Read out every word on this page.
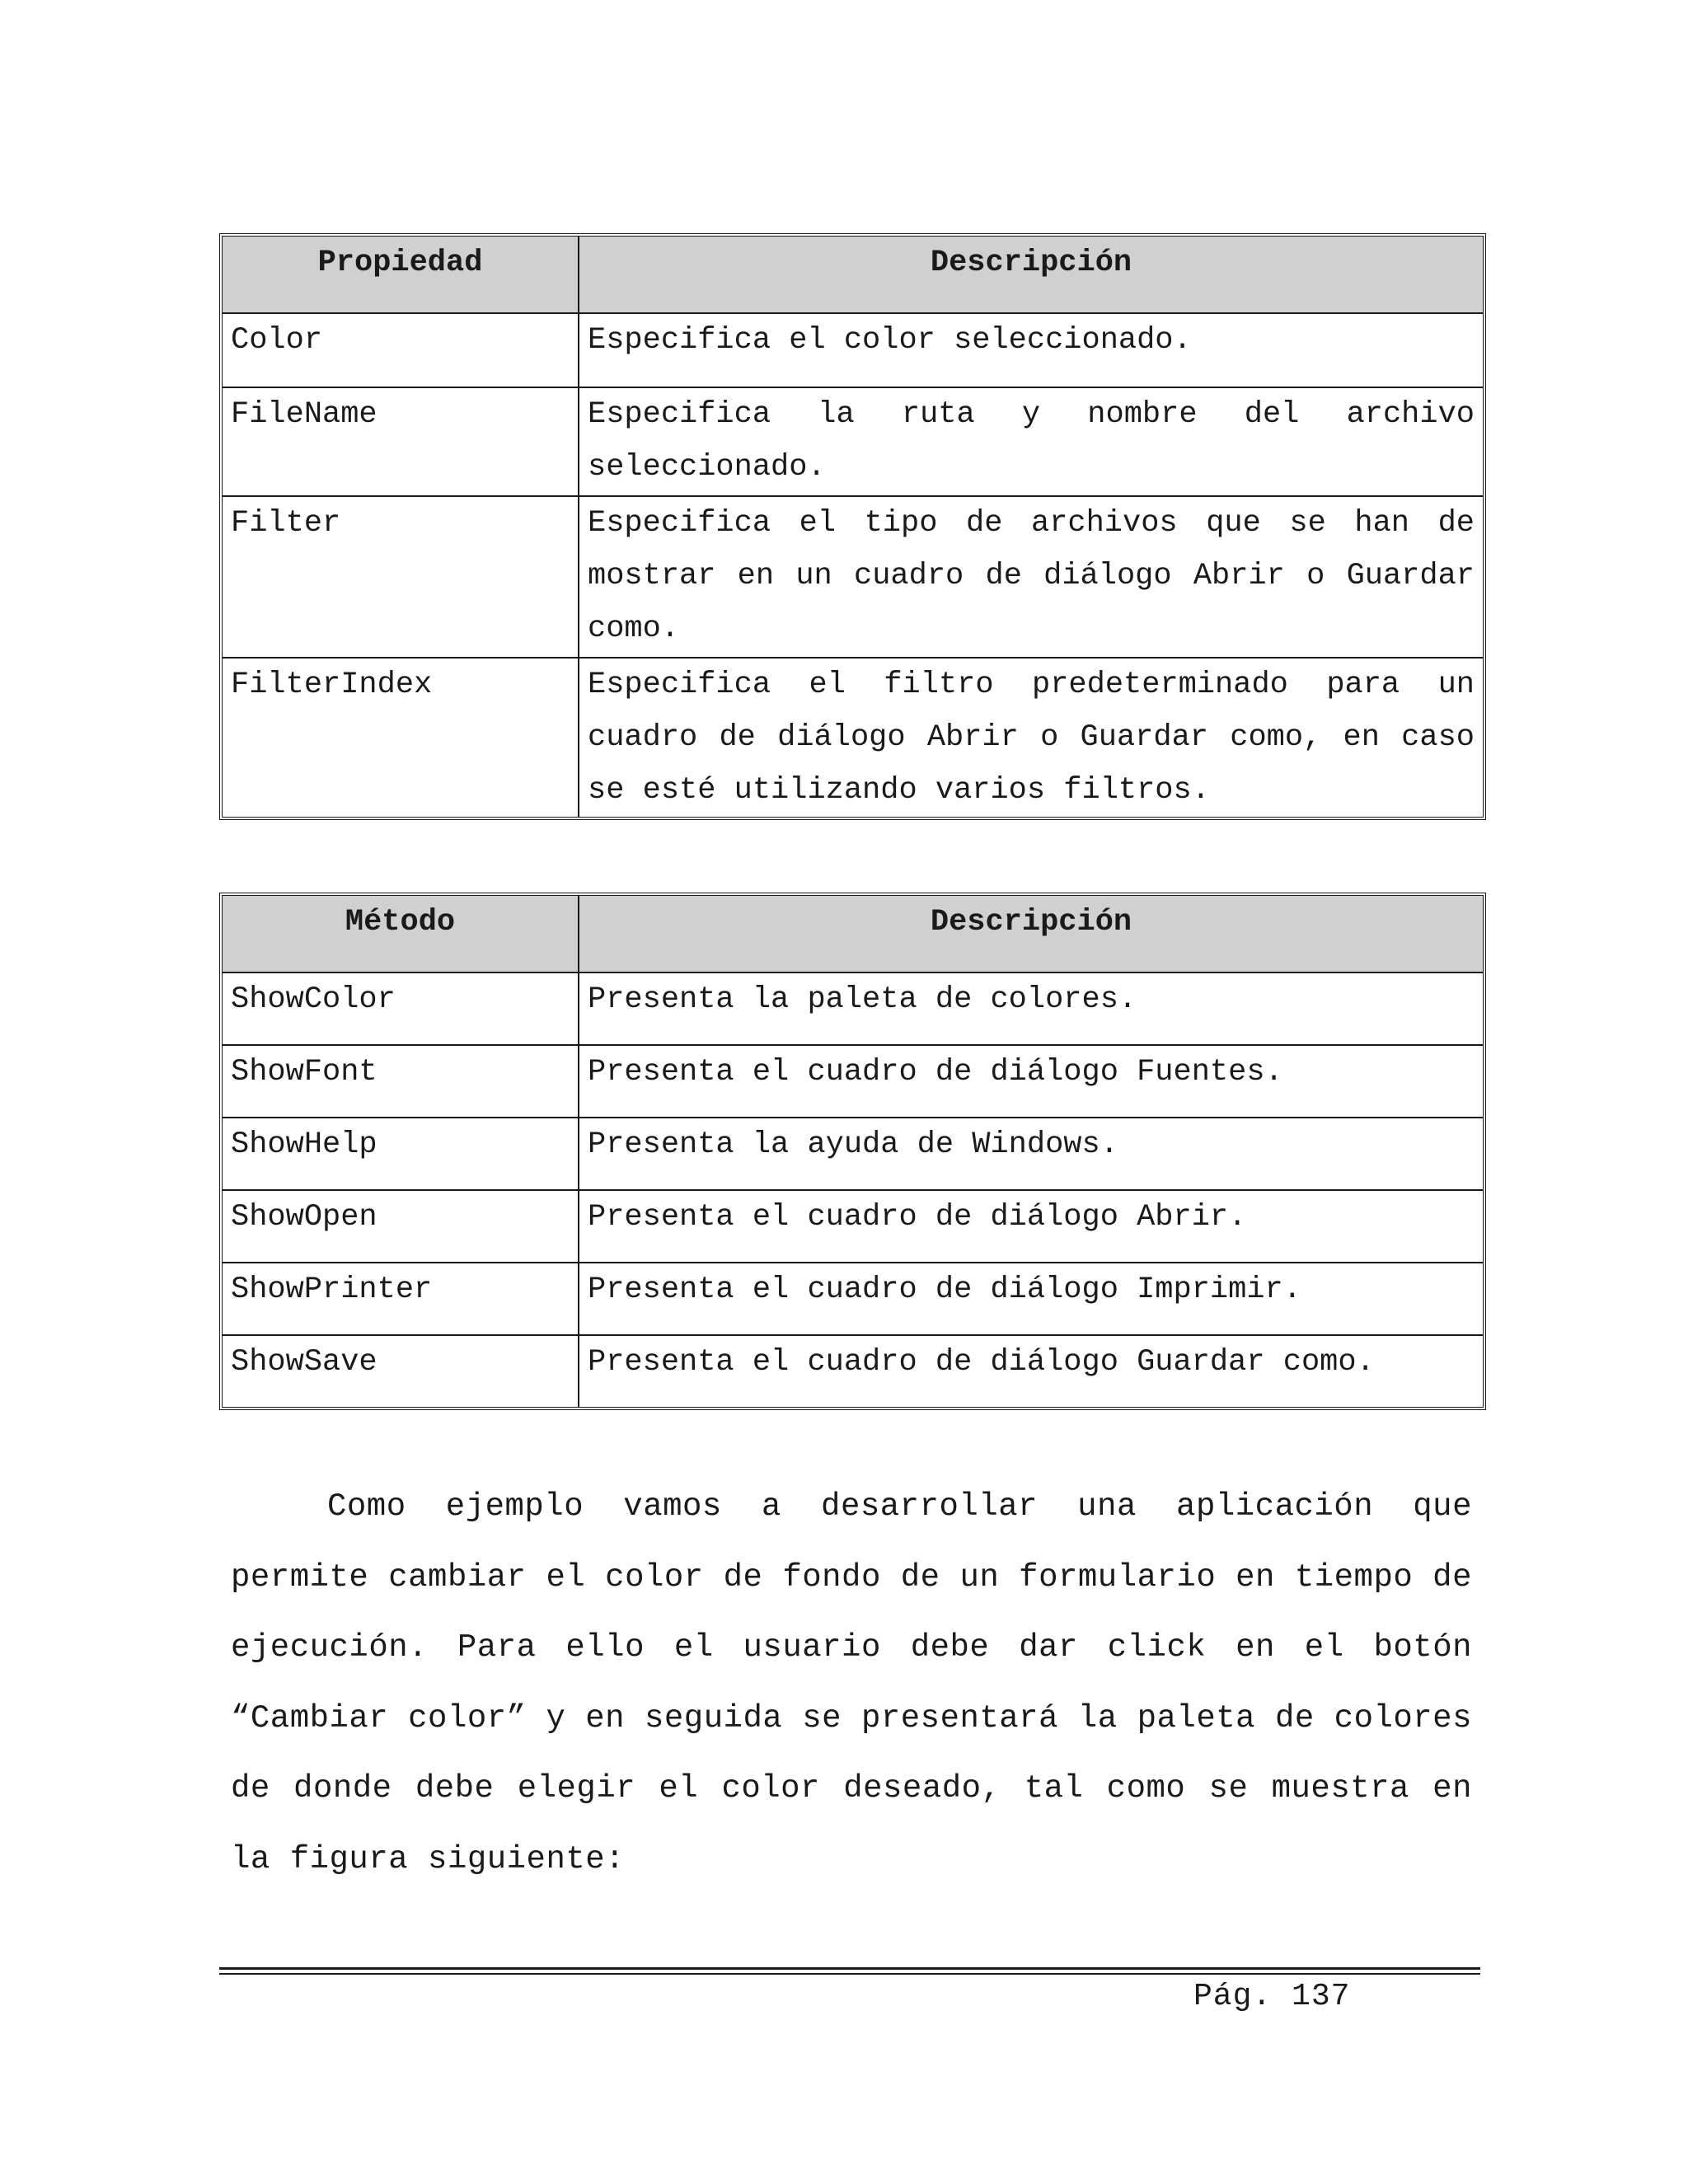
Propiedad	Descripción
Color	Especifica el color seleccionado.
FileName	Especifica la ruta y nombre del archivo seleccionado.
Filter	Especifica el tipo de archivos que se han de mostrar en un cuadro de diálogo Abrir o Guardar como.
FilterIndex	Especifica el filtro predeterminado para un cuadro de diálogo Abrir o Guardar como, en caso se esté utilizando varios filtros.
Método	Descripción
ShowColor	Presenta la paleta de colores.
ShowFont	Presenta el cuadro de diálogo Fuentes.
ShowHelp	Presenta la ayuda de Windows.
ShowOpen	Presenta el cuadro de diálogo Abrir.
ShowPrinter	Presenta el cuadro de diálogo Imprimir.
ShowSave	Presenta el cuadro de diálogo Guardar como.

Como ejemplo vamos a desarrollar una aplicación que permite cambiar el color de fondo de un formulario en tiempo de ejecución. Para ello el usuario debe dar click en el botón “Cambiar color” y en seguida se presentará la paleta de colores de donde debe elegir el color deseado, tal como se muestra en la figura siguiente:

Pág. 137
